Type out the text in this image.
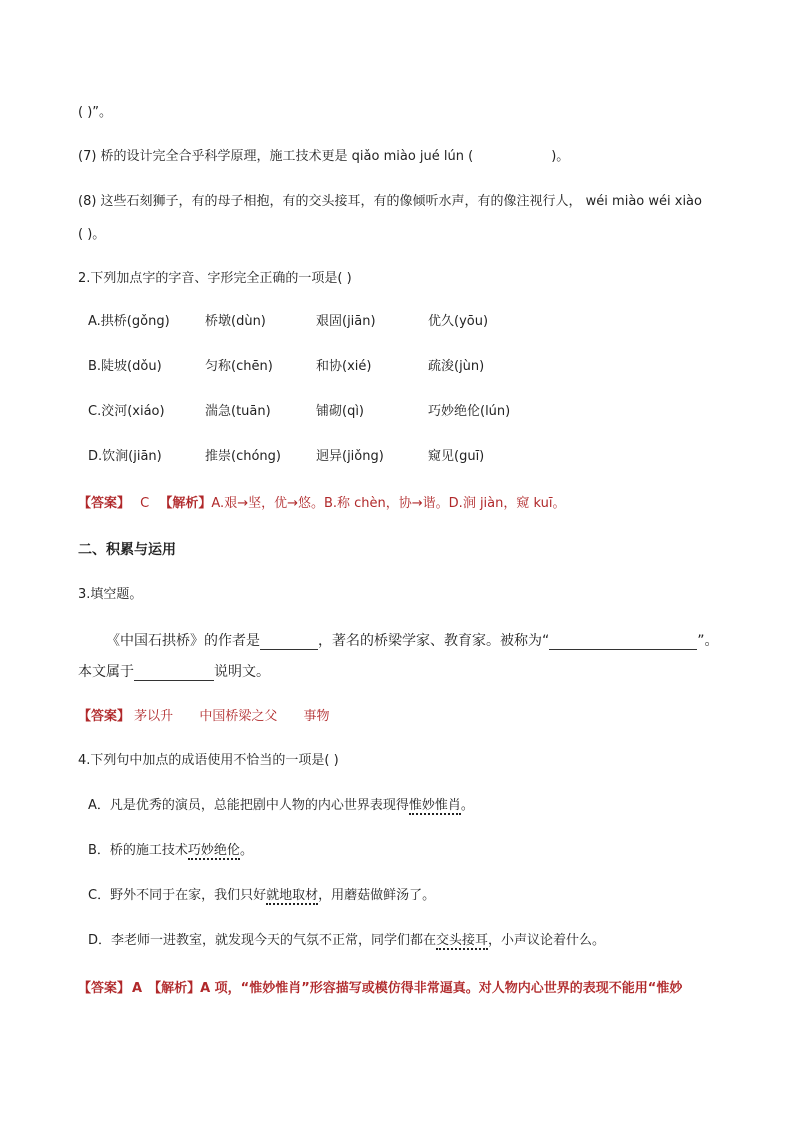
( )”。
(7) 桥的设计完全合乎科学原理，施工技术更是 qiǎo miào jué lún (	)。
(8) 这些石刻狮子，有的母子相抱，有的交头接耳，有的像倾听水声，有的像注视行人， wéi miào wéi xiào
( )。
2.下列加点字的字音、字形完全正确的一项是( )
A.拱桥(gǒng)	桥墩(dùn)	艰固(jiān)	优久(yōu)
B.陡坡(dǒu)	匀称(chēn)	和协(xié)	疏浚(jùn)
C.洨河(xiáo)	湍急(tuān)	铺砌(qì)	巧妙绝伦(lún)
D.饮涧(jiān)	推崇(chóng)	迥异(jiǒng)	窥见(guī)
【答案】 C 【解析】A.艰→坚，优→悠。B.称 chèn，协→谐。D.涧 jiàn，窥 kuī。
二、积累与运用
3.填空题。
《中国石拱桥》的作者是	，著名的桥梁学家、教育家。被称为“	”。
本文属于	说明文。
【答案】 茅以升 中国桥梁之父 事物
4.下列句中加点的成语使用不恰当的一项是( )
A．凡是优秀的演员，总能把剧中人物的内心世界表现得惟妙惟肖。
B．桥的施工技术巧妙绝伦。
C．野外不同于在家，我们只好就地取材，用蘑菇做鲜汤了。
D．李老师一进教室，就发现今天的气氛不正常，同学们都在交头接耳，小声议论着什么。
【答案】 A 【解析】A 项，“惟妙惟肖”形容描写或模仿得非常逼真。对人物内心世界的表现不能用“惟妙
